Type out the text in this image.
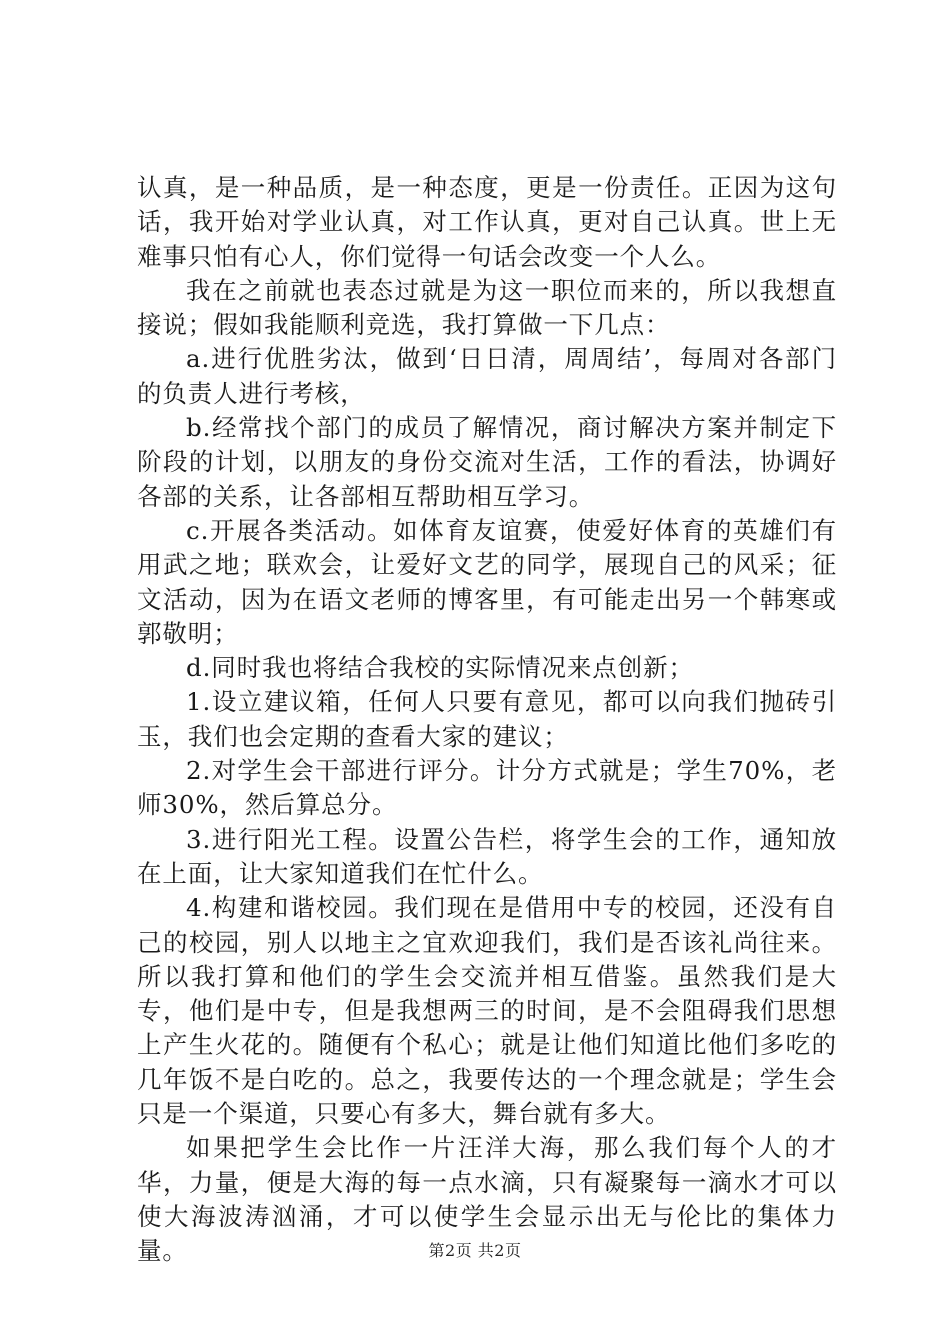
认真，是一种品质，是一种态度，更是一份责任。正因为这句话，我开始对学业认真，对工作认真，更对自己认真。世上无难事只怕有心人，你们觉得一句话会改变一个人么。

我在之前就也表态过就是为这一职位而来的，所以我想直接说；假如我能顺利竞选，我打算做一下几点：

a.进行优胜劣汰，做到‘日日清，周周结’，每周对各部门的负责人进行考核，

b.经常找个部门的成员了解情况，商讨解决方案并制定下阶段的计划，以朋友的身份交流对生活，工作的看法，协调好各部的关系，让各部相互帮助相互学习。

c.开展各类活动。如体育友谊赛，使爱好体育的英雄们有用武之地；联欢会，让爱好文艺的同学，展现自己的风采；征文活动，因为在语文老师的博客里，有可能走出另一个韩寒或郭敬明；

d.同时我也将结合我校的实际情况来点创新；

1.设立建议箱，任何人只要有意见，都可以向我们抛砖引玉，我们也会定期的查看大家的建议；

2.对学生会干部进行评分。计分方式就是；学生70%，老师30%，然后算总分。

3.进行阳光工程。设置公告栏，将学生会的工作，通知放在上面，让大家知道我们在忙什么。

4.构建和谐校园。我们现在是借用中专的校园，还没有自己的校园，别人以地主之宜欢迎我们，我们是否该礼尚往来。所以我打算和他们的学生会交流并相互借鉴。虽然我们是大专，他们是中专，但是我想两三的时间，是不会阻碍我们思想上产生火花的。随便有个私心；就是让他们知道比他们多吃的几年饭不是白吃的。总之，我要传达的一个理念就是；学生会只是一个渠道，只要心有多大，舞台就有多大。

如果把学生会比作一片汪洋大海，那么我们每个人的才华，力量，便是大海的每一点水滴，只有凝聚每一滴水才可以使大海波涛汹涌，才可以使学生会显示出无与伦比的集体力量。	第2页 共2页
